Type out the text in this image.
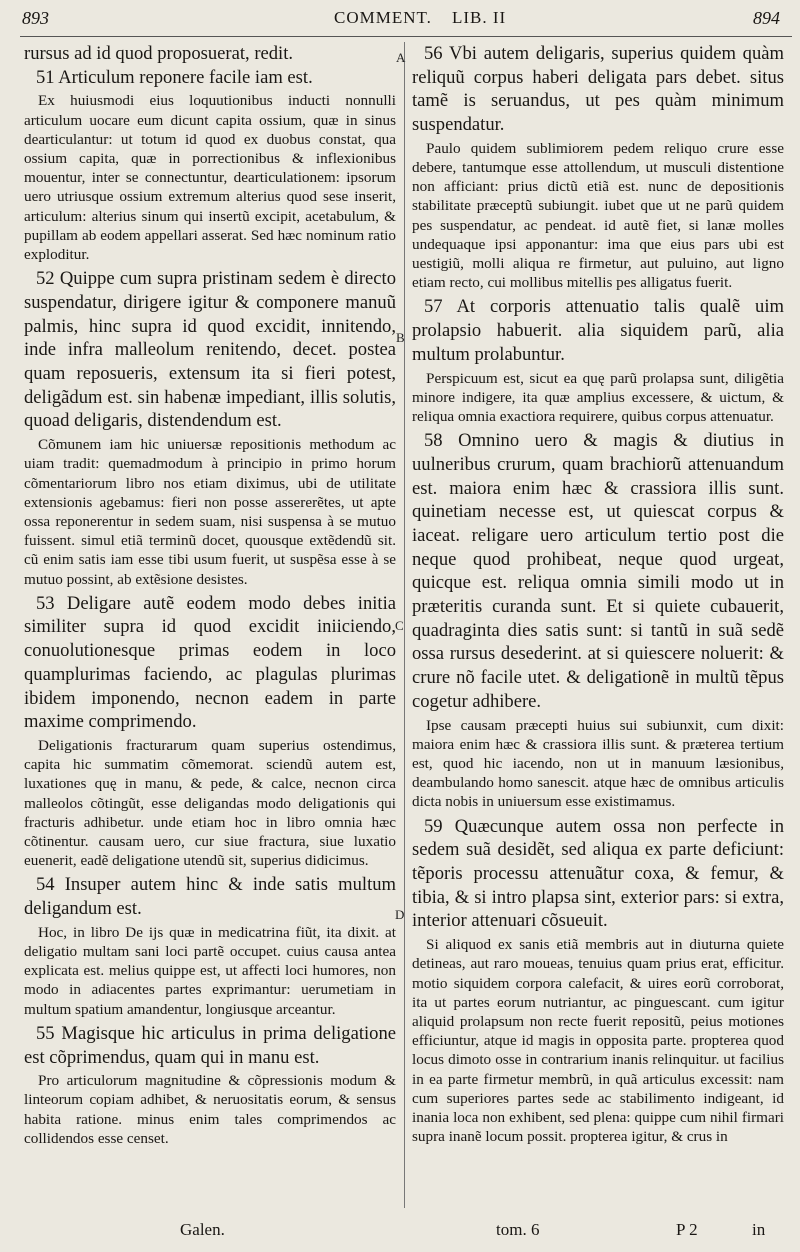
893	COMMENT. LIB. II	894

rursus ad id quod proposuerat, redit.

51 Articulum reponere facile iam est.

Ex huiusmodi eius loquutionibus inducti nonnulli articulum uocare eum dicunt capita ossium, quæ in sinus dearticulantur: ut totum id quod ex duobus constat, qua ossium capita, quæ in porrectionibus & inflexionibus mouentur, inter se connectuntur, dearticulationem: ipsorum uero utriusque ossium extremum alterius quod sese inserit, articulum: alterius sinum qui insertũ excipit, acetabulum, & pupillam ab eodem appellari asserat. Sed hæc nominum ratio exploditur.

52 Quippe cum supra pristinam sedem è directo suspendatur, dirigere igitur & componere manuũ palmis, hinc supra id quod excidit, innitendo, inde infra malleolum renitendo, decet. postea quam reposueris, extensum ita si fieri potest, deligãdum est. sin habenæ impediant, illis solutis, quoad deligaris, distendendum est.

Cõmunem iam hic uniuersæ repositionis methodum ac uiam tradit: quemadmodum à principio in primo horum cõmentariorum libro nos etiam diximus, ubi de utilitate extensionis agebamus: fieri non posse assererẽtes, ut apte ossa reponerentur in sedem suam, nisi suspensa à se mutuo fuissent. simul etiã terminũ docet, quousque extẽdendũ sit. cũ enim satis iam esse tibi usum fuerit, ut suspẽsa esse à se mutuo possint, ab extẽsione desistes.

53 Deligare autẽ eodem modo debes initia similiter supra id quod excidit iniiciendo, conuolutionesque primas eodem in loco quamplurimas faciendo, ac plagulas plurimas ibidem imponendo, necnon eadem in parte maxime comprimendo.

Deligationis fracturarum quam superius ostendimus, capita hic summatim cõmemorat. sciendũ autem est, luxationes quę in manu, & pede, & calce, necnon circa malleolos cõtingũt, esse deligandas modo deligationis qui fracturis adhibetur. unde etiam hoc in libro omnia hæc cõtinentur. causam uero, cur siue fractura, siue luxatio euenerit, eadẽ deligatione utendũ sit, superius didicimus.

54 Insuper autem hinc & inde satis multum deligandum est.

Hoc, in libro De ijs quæ in medicatrina fiũt, ita dixit. at deligatio multam sani loci partẽ occupet. cuius causa antea explicata est. melius quippe est, ut affecti loci humores, non modo in adiacentes partes exprimantur: uerumetiam in multum spatium amandentur, longiusque arceantur.

55 Magisque hic articulus in prima deligatione est cõprimendus, quam qui in manu est.

Pro articulorum magnitudine & cõpressionis modum & linteorum copiam adhibet, & neruositatis eorum, & sensus habita ratione. minus enim tales comprimendos ac collidendos esse censet.

A
B
C
D

56 Vbi autem deligaris, superius quidem quàm reliquũ corpus haberi deligata pars debet. situs tamẽ is seruandus, ut pes quàm minimum suspendatur.

Paulo quidem sublimiorem pedem reliquo crure esse debere, tantumque esse attollendum, ut musculi distentione non afficiant: prius dictũ etiã est. nunc de depositionis stabilitate præceptũ subiungit. iubet que ut ne parũ quidem pes suspendatur, ac pendeat. id autẽ fiet, si lanæ molles undequaque ipsi apponantur: ima que eius pars ubi est uestigiũ, molli aliqua re firmetur, aut puluino, aut ligno etiam recto, cui mollibus mitellis pes alligatus fuerit.

57 At corporis attenuatio talis qualẽ uim prolapsio habuerit. alia siquidem parũ, alia multum prolabuntur.

Perspicuum est, sicut ea quę parũ prolapsa sunt, diligẽtia minore indigere, ita quæ amplius excessere, & uictum, & reliqua omnia exactiora requirere, quibus corpus attenuatur.

58 Omnino uero & magis & diutius in uulneribus crurum, quam brachiorũ attenuandum est. maiora enim hæc & crassiora illis sunt. quinetiam necesse est, ut quiescat corpus & iaceat. religare uero articulum tertio post die neque quod prohibeat, neque quod urgeat, quicque est. reliqua omnia simili modo ut in præteritis curanda sunt. Et si quiete cubauerit, quadraginta dies satis sunt: si tantũ in suã sedẽ ossa rursus desederint. at si quiescere noluerit: & crure nõ facile utet. & deligationẽ in multũ tẽpus cogetur adhibere.

Ipse causam præcepti huius sui subiunxit, cum dixit: maiora enim hæc & crassiora illis sunt. & præterea tertium est, quod hic iacendo, non ut in manuum læsionibus, deambulando homo sanescit. atque hæc de omnibus articulis dicta nobis in uniuersum esse existimamus.

59 Quæcunque autem ossa non perfecte in sedem suã desidẽt, sed aliqua ex parte deficiunt: tẽporis processu attenuãtur coxa, & femur, & tibia, & si intro plapsa sint, exterior pars: si extra, interior attenuari cõsueuit.

Si aliquod ex sanis etiã membris aut in diuturna quiete detineas, aut raro moueas, tenuius quam prius erat, efficitur. motio siquidem corpora calefacit, & uires eorũ corroborat, ita ut partes eorum nutriantur, ac pinguescant. cum igitur aliquid prolapsum non recte fuerit repositũ, peius motiones efficiuntur, atque id magis in opposita parte. propterea quod locus dimoto osse in contrarium inanis relinquitur. ut facilius in ea parte firmetur membrũ, in quã articulus excessit: nam cum superiores partes sede ac stabilimento indigeant, id inania loca non exhibent, sed plena: quippe cum nihil firmari supra inanẽ locum possit. propterea igitur, & crus in

Galen.	tom. 6	P 2	in
